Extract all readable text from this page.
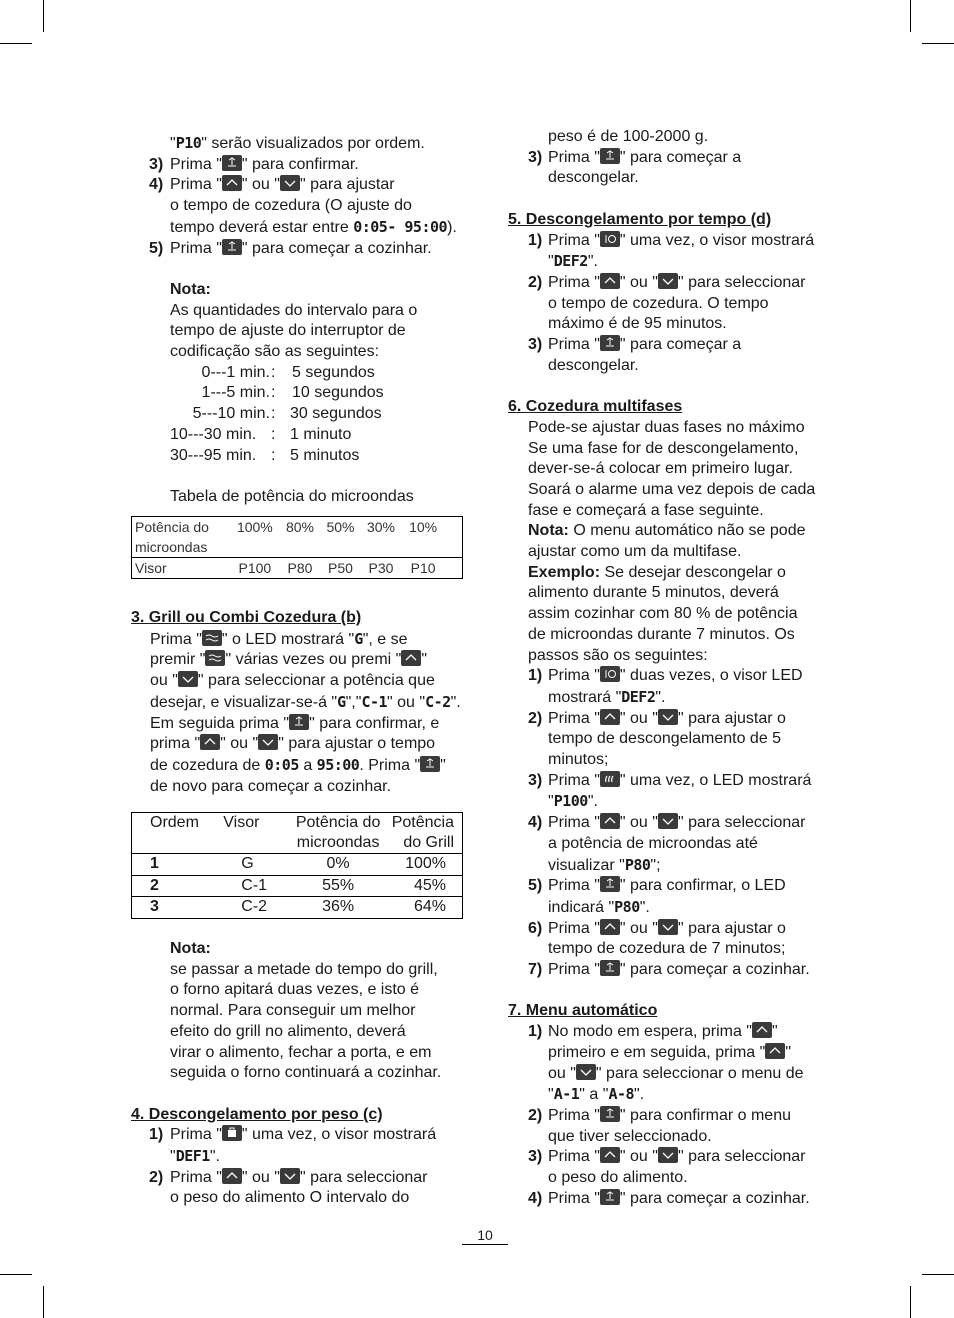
"P10" serão visualizados por ordem.
3) Prima " " para confirmar.
4) Prima " " ou " " para ajustar
o tempo de cozedura (O ajuste do
tempo deverá estar entre 0:05- 95:00).
5) Prima " " para começar a cozinhar.
Nota:
As quantidades do intervalo para o
tempo de ajuste do interruptor de
codificação são as seguintes:
0---1 min. : 5 segundos

1---5 min. : 10 segundos

5---10 min. : 30 segundos

10---30 min. : 1 minuto

30---95 min. : 5 minutos

Tabela de potência do microondas
Potência do microondas	100%	80%	50%	30%	10%
Visor	P100	P80	P50	P30	P10
3. Grill ou Combi Cozedura (b)
Prima " " o LED mostrará "G", e se
premir " " várias vezes ou premi " "
ou " " para seleccionar a potência que
desejar, e visualizar-se-á "G","C-1" ou "C-2".
Em seguida prima " " para confirmar, e
prima " " ou " " para ajustar o tempo
de cozedura de 0:05 a 95:00. Prima " "
de novo para começar a cozinhar.
Ordem	Visor	Potência do microondas	Potência do Grill
1	G	0%	100%
2	C-1	55%	45%
3	C-2	36%	64%
Nota:
se passar a metade do tempo do grill,
o forno apitará duas vezes, e isto é
normal. Para conseguir um melhor
efeito do grill no alimento, deverá
virar o alimento, fechar a porta, e em
seguida o forno continuará a cozinhar.
4. Descongelamento por peso (c)
1) Prima " " uma vez, o visor mostrará
"DEF1".
2) Prima " " ou " " para seleccionar
o peso do alimento O intervalo do
peso é de 100-2000 g.
3) Prima " " para começar a
descongelar.
5. Descongelamento por tempo (d)
1) Prima " " uma vez, o visor mostrará
"DEF2".
2) Prima " " ou " " para seleccionar
o tempo de cozedura. O tempo
máximo é de 95 minutos.
3) Prima " " para começar a
descongelar.
6. Cozedura multifases
Pode-se ajustar duas fases no máximo
Se uma fase for de descongelamento,
dever-se-á colocar em primeiro lugar.
Soará o alarme uma vez depois de cada
fase e começará a fase seguinte.
Nota: O menu automático não se pode
ajustar como um da multifase.
Exemplo: Se desejar descongelar o
alimento durante 5 minutos, deverá
assim cozinhar com 80 % de potência
de microondas durante 7 minutos. Os
passos são os seguintes:
1) Prima " " duas vezes, o visor LED
mostrará "DEF2".
2) Prima " " ou " " para ajustar o
tempo de descongelamento de 5
minutos;
3) Prima " " uma vez, o LED mostrará
"P100".
4) Prima " " ou " " para seleccionar
a potência de microondas até
visualizar "P80";
5) Prima " " para confirmar, o LED
indicará "P80".
6) Prima " " ou " " para ajustar o
tempo de cozedura de 7 minutos;
7) Prima " " para começar a cozinhar.
7. Menu automático
1) No modo em espera, prima " "
primeiro e em seguida, prima " "
ou " " para seleccionar o menu de
"A-1" a "A-8".
2) Prima " " para confirmar o menu
que tiver seleccionado.
3) Prima " " ou " " para seleccionar
o peso do alimento.
4) Prima " " para começar a cozinhar.
10
